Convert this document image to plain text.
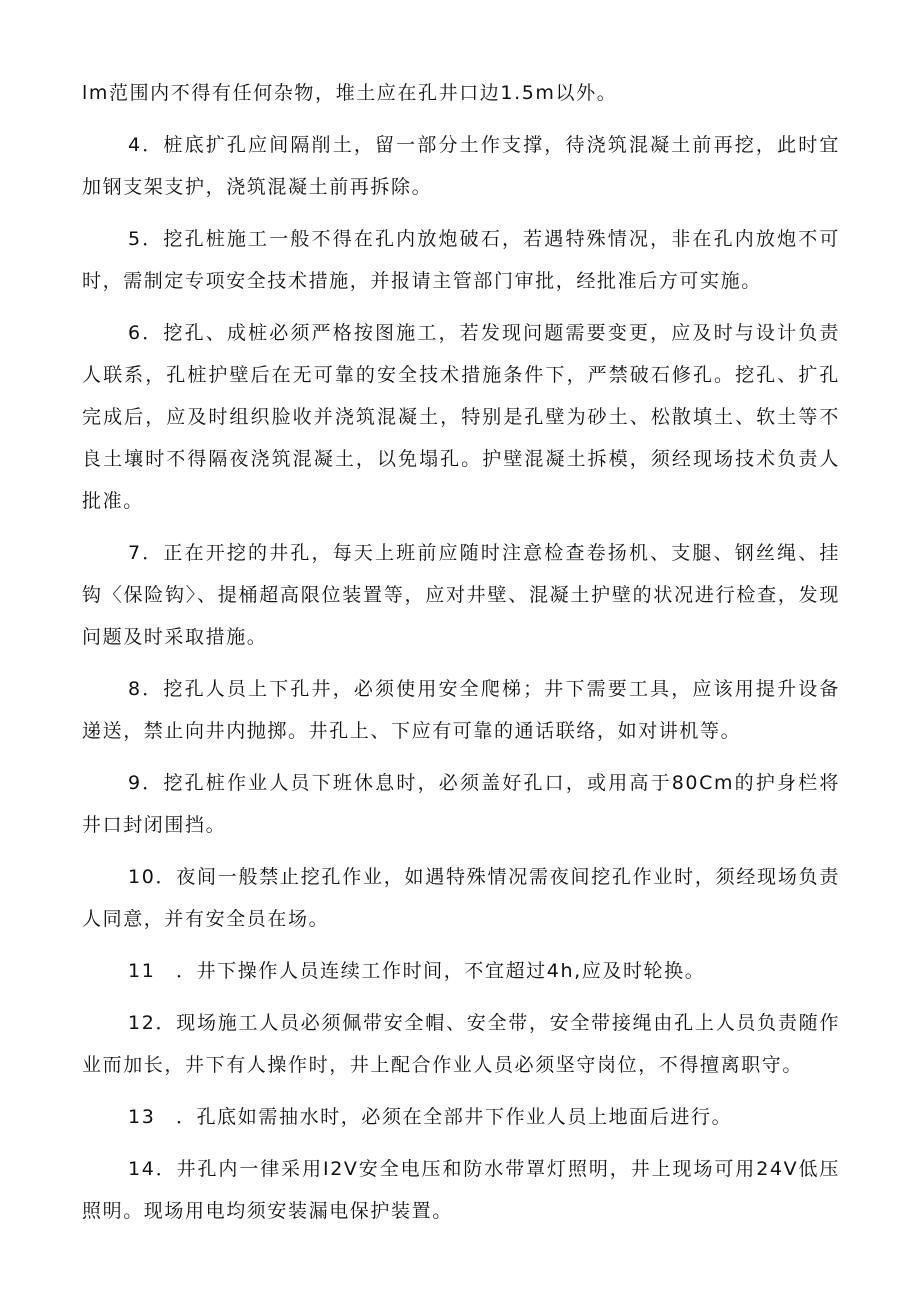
lm范围内不得有任何杂物，堆土应在孔井口边1.5m以外。

4．桩底扩孔应间隔削土，留一部分土作支撑，待浇筑混凝土前再挖，此时宜加钢支架支护，浇筑混凝土前再拆除。

5．挖孔桩施工一般不得在孔内放炮破石，若遇特殊情况，非在孔内放炮不可时，需制定专项安全技术措施，并报请主管部门审批，经批准后方可实施。

6．挖孔、成桩必须严格按图施工，若发现问题需要变更，应及时与设计负责人联系，孔桩护壁后在无可靠的安全技术措施条件下，严禁破石修孔。挖孔、扩孔完成后，应及时组织脸收并浇筑混凝土，特别是孔壁为砂土、松散填土、软土等不良土壤时不得隔夜浇筑混凝土，以免塌孔。护壁混凝土拆模，须经现场技术负责人批准。

7．正在开挖的井孔，每天上班前应随时注意检查卷扬机、支腿、钢丝绳、挂钩〈保险钩〉、提桶超高限位装置等，应对井壁、混凝土护壁的状况进行检查，发现问题及时采取措施。

8．挖孔人员上下孔井，必须使用安全爬梯；井下需要工具，应该用提升设备递送，禁止向井内抛掷。井孔上、下应有可靠的通话联络，如对讲机等。

9．挖孔桩作业人员下班休息时，必须盖好孔口，或用高于80Cm的护身栏将井口封闭围挡。

10．夜间一般禁止挖孔作业，如遇特殊情况需夜间挖孔作业时，须经现场负责人同意，并有安全员在场。

11　．井下操作人员连续工作时间，不宜超过4h,应及时轮换。

12．现场施工人员必须佩带安全帽、安全带，安全带接绳由孔上人员负责随作业而加长，井下有人操作时，井上配合作业人员必须坚守岗位，不得擅离职守。

13　．孔底如需抽水时，必须在全部井下作业人员上地面后进行。

14．井孔内一律采用I2V安全电压和防水带罩灯照明，井上现场可用24V低压照明。现场用电均须安装漏电保护装置。
